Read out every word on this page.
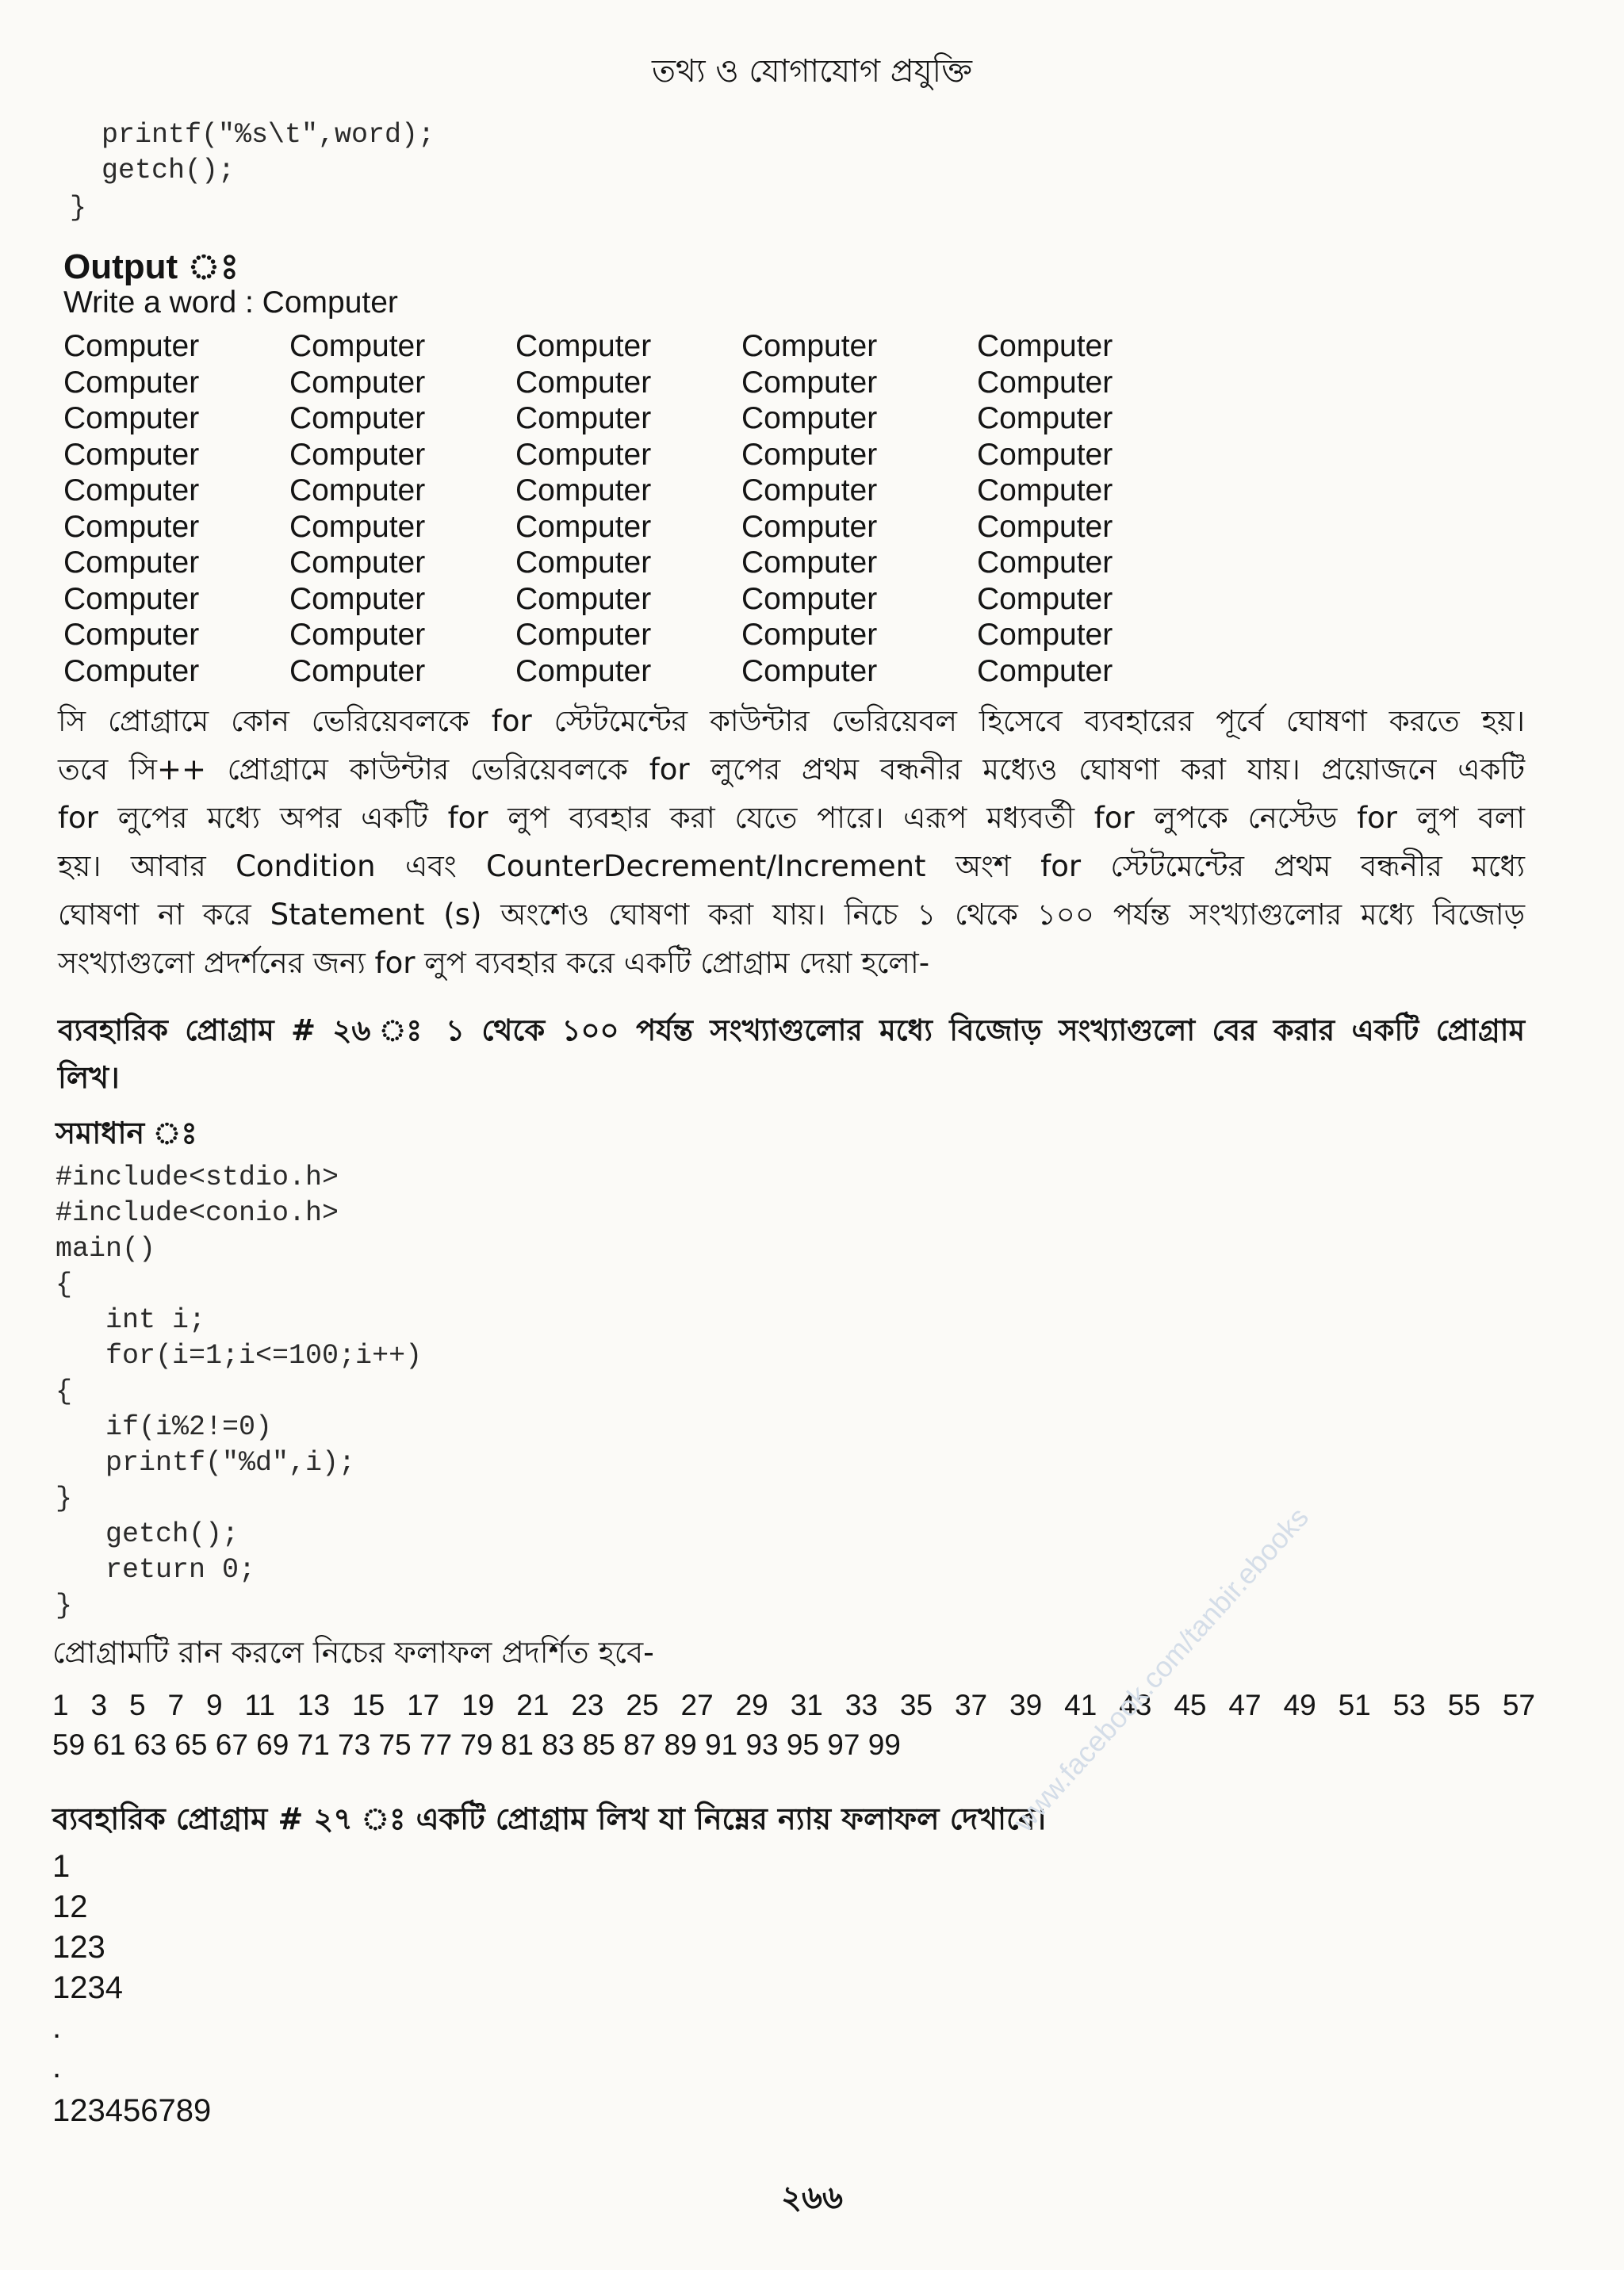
তথ্য ও যোগাযোগ প্রযুক্তি
printf("%s\t",word);
getch();
}
Output ঃ
Write a word : Computer
Computer	Computer	Computer	Computer	Computer
Computer	Computer	Computer	Computer	Computer
Computer	Computer	Computer	Computer	Computer
Computer	Computer	Computer	Computer	Computer
Computer	Computer	Computer	Computer	Computer
Computer	Computer	Computer	Computer	Computer
Computer	Computer	Computer	Computer	Computer
Computer	Computer	Computer	Computer	Computer
Computer	Computer	Computer	Computer	Computer
Computer	Computer	Computer	Computer	Computer
সি প্রোগ্রামে কোন ভেরিয়েবলকে for স্টেটমেন্টের কাউন্টার ভেরিয়েবল হিসেবে ব্যবহারের পূর্বে ঘোষণা করতে হয়।
তবে সি++ প্রোগ্রামে কাউন্টার ভেরিয়েবলকে for লুপের প্রথম বন্ধনীর মধ্যেও ঘোষণা করা যায়। প্রয়োজনে একটি
for লুপের মধ্যে অপর একটি for লুপ ব্যবহার করা যেতে পারে। এরূপ মধ্যবর্তী for লুপকে নেস্টেড for লুপ বলা
হয়। আবার Condition এবং CounterDecrement/Increment অংশ for স্টেটমেন্টের প্রথম বন্ধনীর মধ্যে
ঘোষণা না করে Statement (s) অংশেও ঘোষণা করা যায়। নিচে ১ থেকে ১০০ পর্যন্ত সংখ্যাগুলোর মধ্যে বিজোড়
সংখ্যাগুলো প্রদর্শনের জন্য for লুপ ব্যবহার করে একটি প্রোগ্রাম দেয়া হলো-
ব্যবহারিক প্রোগ্রাম # ২৬ ঃ ১ থেকে ১০০ পর্যন্ত সংখ্যাগুলোর মধ্যে বিজোড় সংখ্যাগুলো বের করার একটি প্রোগ্রাম
লিখ।
সমাধান ঃ
#include<stdio.h>
#include<conio.h>
main()
{
int i;
for(i=1;i<=100;i++)
{
if(i%2!=0)
printf("%d",i);
}
getch();
return 0;
}
প্রোগ্রামটি রান করলে নিচের ফলাফল প্রদর্শিত হবে-
1 3 5 7 9 11 13 15 17 19 21 23 25 27 29 31 33 35 37 39 41 43 45 47 49 51 53 55 57
59 61 63 65 67 69 71 73 75 77 79 81 83 85 87 89 91 93 95 97 99
ব্যবহারিক প্রোগ্রাম # ২৭ ঃ একটি প্রোগ্রাম লিখ যা নিম্নের ন্যায় ফলাফল দেখাবে।
1
12
123
1234
.
.
123456789
www.facebook.com/tanbir.ebooks
২৬৬
